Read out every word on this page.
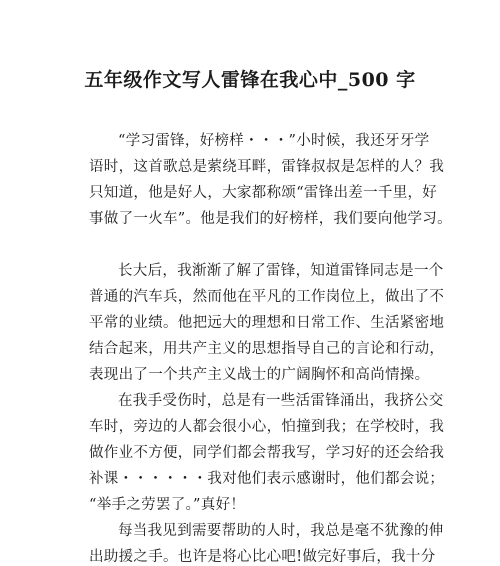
五年级作文写人雷锋在我心中_500 字
“学习雷锋，好榜样・・・”小时候，我还牙牙学
语时，这首歌总是萦绕耳畔，雷锋叔叔是怎样的人？我
只知道，他是好人，大家都称颂“雷锋出差一千里，好
事做了一火车”。他是我们的好榜样，我们要向他学习。
长大后，我渐渐了解了雷锋，知道雷锋同志是一个
普通的汽车兵，然而他在平凡的工作岗位上，做出了不
平常的业绩。他把远大的理想和日常工作、生活紧密地
结合起来，用共产主义的思想指导自己的言论和行动，
表现出了一个共产主义战士的广阔胸怀和高尚情操。
在我手受伤时，总是有一些活雷锋涌出，我挤公交
车时，旁边的人都会很小心，怕撞到我；在学校时，我
做作业不方便，同学们都会帮我写，学习好的还会给我
补课・・・・・・我对他们表示感谢时，他们都会说；
“举手之劳罢了。”真好！
每当我见到需要帮助的人时，我总是毫不犹豫的伸
出助援之手。也许是将心比心吧!做完好事后，我十分
